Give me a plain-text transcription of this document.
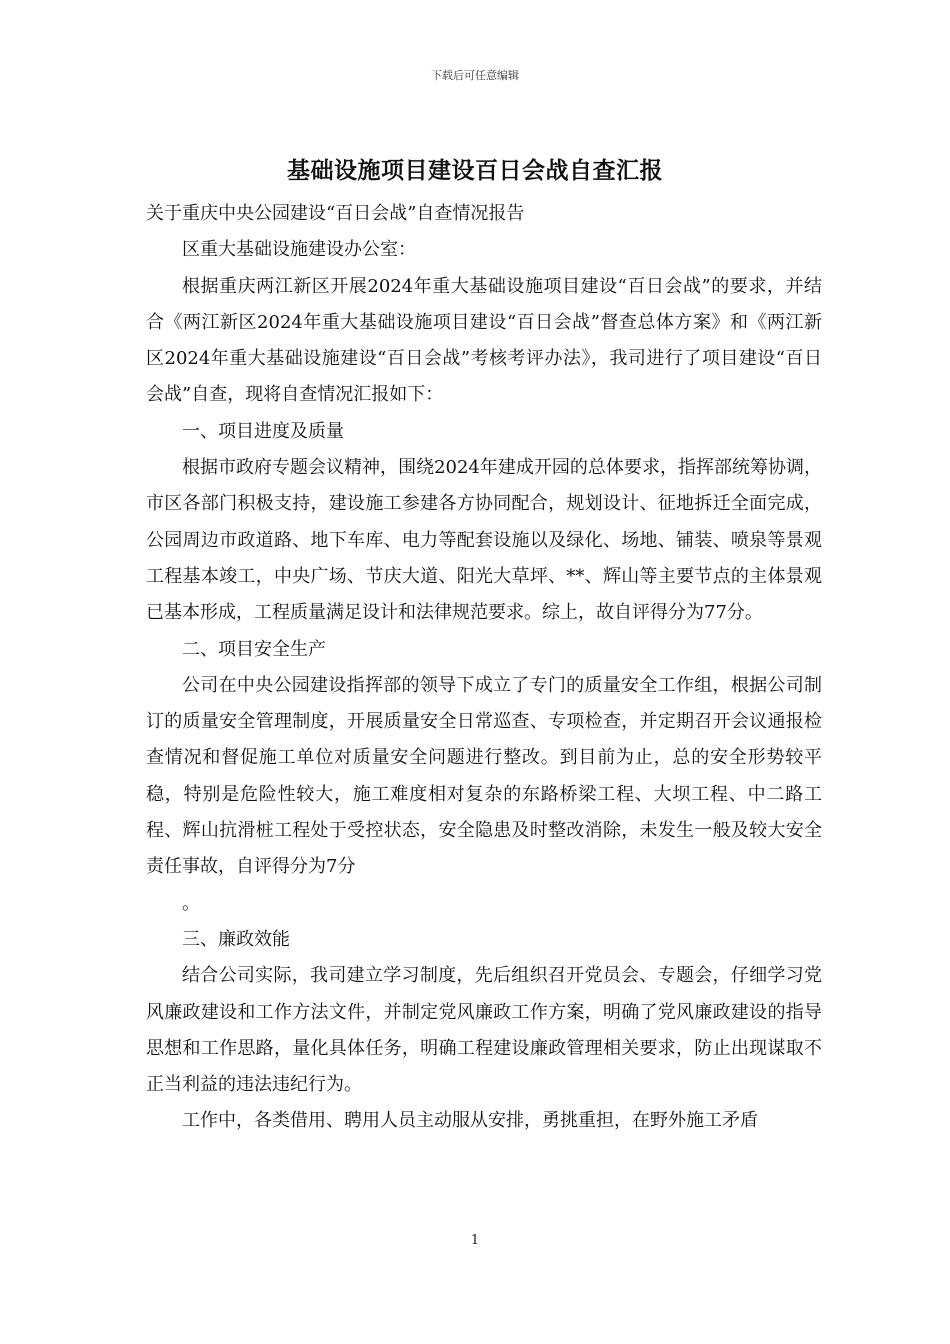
下载后可任意编辑
基础设施项目建设百日会战自查汇报

关于重庆中央公园建设“百日会战”自查情况报告

区重大基础设施建设办公室：

根据重庆两江新区开展2024年重大基础设施项目建设“百日会战”的要求，并结合《两江新区2024年重大基础设施项目建设“百日会战”督查总体方案》和《两江新区2024年重大基础设施建设“百日会战”考核考评办法》，我司进行了项目建设“百日会战”自查，现将自查情况汇报如下：

一、项目进度及质量

根据市政府专题会议精神，围绕2024年建成开园的总体要求，指挥部统筹协调，市区各部门积极支持，建设施工参建各方协同配合，规划设计、征地拆迁全面完成，公园周边市政道路、地下车库、电力等配套设施以及绿化、场地、铺装、喷泉等景观工程基本竣工，中央广场、节庆大道、阳光大草坪、**、辉山等主要节点的主体景观已基本形成，工程质量满足设计和法律规范要求。综上，故自评得分为77分。

二、项目安全生产

公司在中央公园建设指挥部的领导下成立了专门的质量安全工作组，根据公司制订的质量安全管理制度，开展质量安全日常巡查、专项检查，并定期召开会议通报检查情况和督促施工单位对质量安全问题进行整改。到目前为止，总的安全形势较平稳，特别是危险性较大，施工难度相对复杂的东路桥梁工程、大坝工程、中二路工程、辉山抗滑桩工程处于受控状态，安全隐患及时整改消除，未发生一般及较大安全责任事故，自评得分为7分

。

三、廉政效能

结合公司实际，我司建立学习制度，先后组织召开党员会、专题会，仔细学习党风廉政建设和工作方法文件，并制定党风廉政工作方案，明确了党风廉政建设的指导思想和工作思路，量化具体任务，明确工程建设廉政管理相关要求，防止出现谋取不正当利益的违法违纪行为。

工作中，各类借用、聘用人员主动服从安排，勇挑重担，在野外施工矛盾

1
